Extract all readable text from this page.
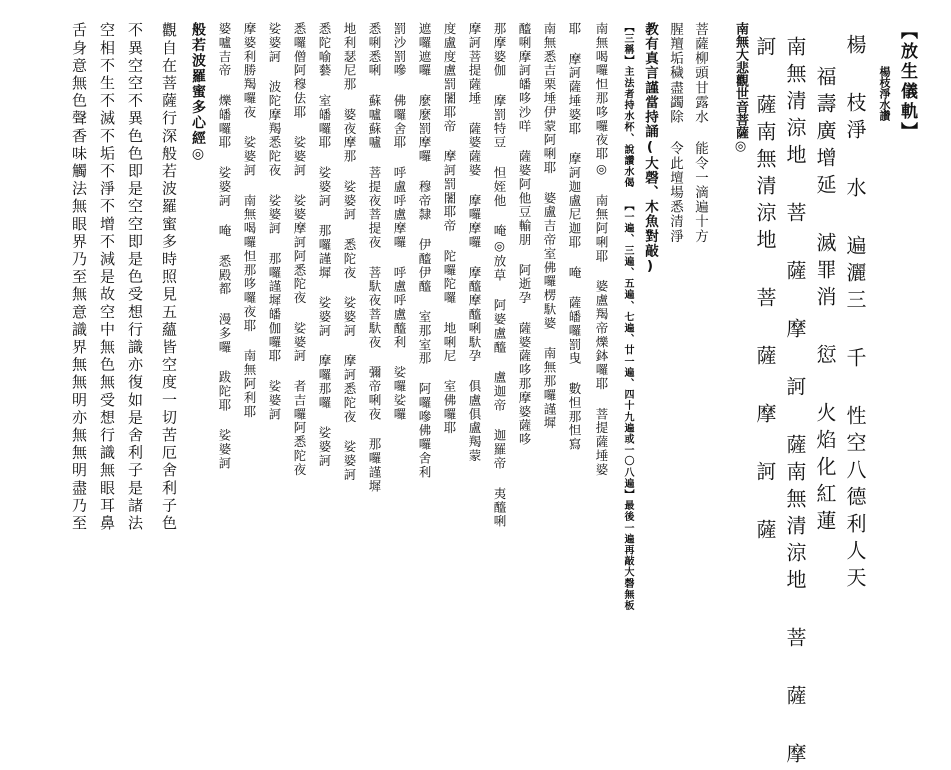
【放生儀軌】
楊枝淨水讚
楊 枝淨 水 遍灑三 千 性空八德利人天
福壽廣增延 滅罪消 愆 火焰化紅蓮
南無清涼地 菩 薩 摩 訶 薩南無清涼地 菩 薩 摩
訶 薩南無清涼地 菩 薩 摩 訶 薩
南無大悲觀世音菩薩◎
菩薩柳頭甘露水 能令一滴遍十方
腥羶垢穢盡蠲除 令此壇場悉清淨
教有真言謹當持誦(大磬、木魚對敲)
【三稱】主法者持水杯、說讚水偈 【一遍、三遍、五遍、七遍、廿一遍、四十九遍或一〇八遍】最後一遍再敲大磬無板
南無喝囉怛那哆囉夜耶◎ 南無阿唎耶 婆盧羯帝爍鉢囉耶 菩提薩埵婆
耶 摩訶薩埵婆耶 摩訶迦盧尼迦耶 唵 薩皤囉罰曳 數怛那怛寫
南無悉吉栗埵伊蒙阿唎耶 婆盧吉帝室佛囉楞馱婆 南無那囉謹墀
醯唎摩訶皤哆沙咩 薩婆阿他豆輸朋 阿逝孕 薩婆薩哆那摩婆薩哆
那摩婆伽 摩罰特豆 怛姪他 唵◎放草 阿婆盧醯 盧迦帝 迦羅帝 夷醯唎
摩訶菩提薩埵 薩婆薩婆 摩囉摩囉 摩醯摩醯唎馱孕 俱盧俱盧羯蒙
度盧度盧罰闍耶帝 摩訶罰闍耶帝 陀囉陀囉 地唎尼 室佛囉耶
遮囉遮囉 麼麼罰摩囉 穆帝隸 伊醯伊醯 室那室那 阿囉嘇佛囉舍利
罰沙罰嘇 佛囉舍耶 呼盧呼盧摩囉 呼盧呼盧醯利 娑囉娑囉
悉唎悉唎 蘇嚧蘇嚧 菩提夜菩提夜 菩馱夜菩馱夜 彌帝唎夜 那囉謹墀
地利瑟尼那 婆夜摩那 娑婆訶 悉陀夜 娑婆訶 摩訶悉陀夜 娑婆訶
悉陀喻藝 室皤囉耶 娑婆訶 那囉謹墀 娑婆訶 摩囉那囉 娑婆訶
悉囉僧阿穆佉耶 娑婆訶 娑婆摩訶阿悉陀夜 娑婆訶 者吉囉阿悉陀夜
娑婆訶 波陀摩羯悉陀夜 娑婆訶 那囉謹墀皤伽囉耶 娑婆訶
摩婆利勝羯囉夜 娑婆訶 南無喝囉怛那哆囉夜耶 南無阿利耶
婆嚧吉帝 爍皤囉耶 娑婆訶 唵 悉殿都 漫多囉 跋陀耶 娑婆訶
般若波羅蜜多心經◎
觀自在菩薩行深般若波羅蜜多時照見五蘊皆空度一切苦厄舍利子色
不異空空不異色色即是空空即是色受想行識亦復如是舍利子是諸法
空相不生不滅不垢不淨不增不減是故空中無色無受想行識無眼耳鼻
舌身意無色聲香味觸法無眼界乃至無意識界無無明亦無無明盡乃至
